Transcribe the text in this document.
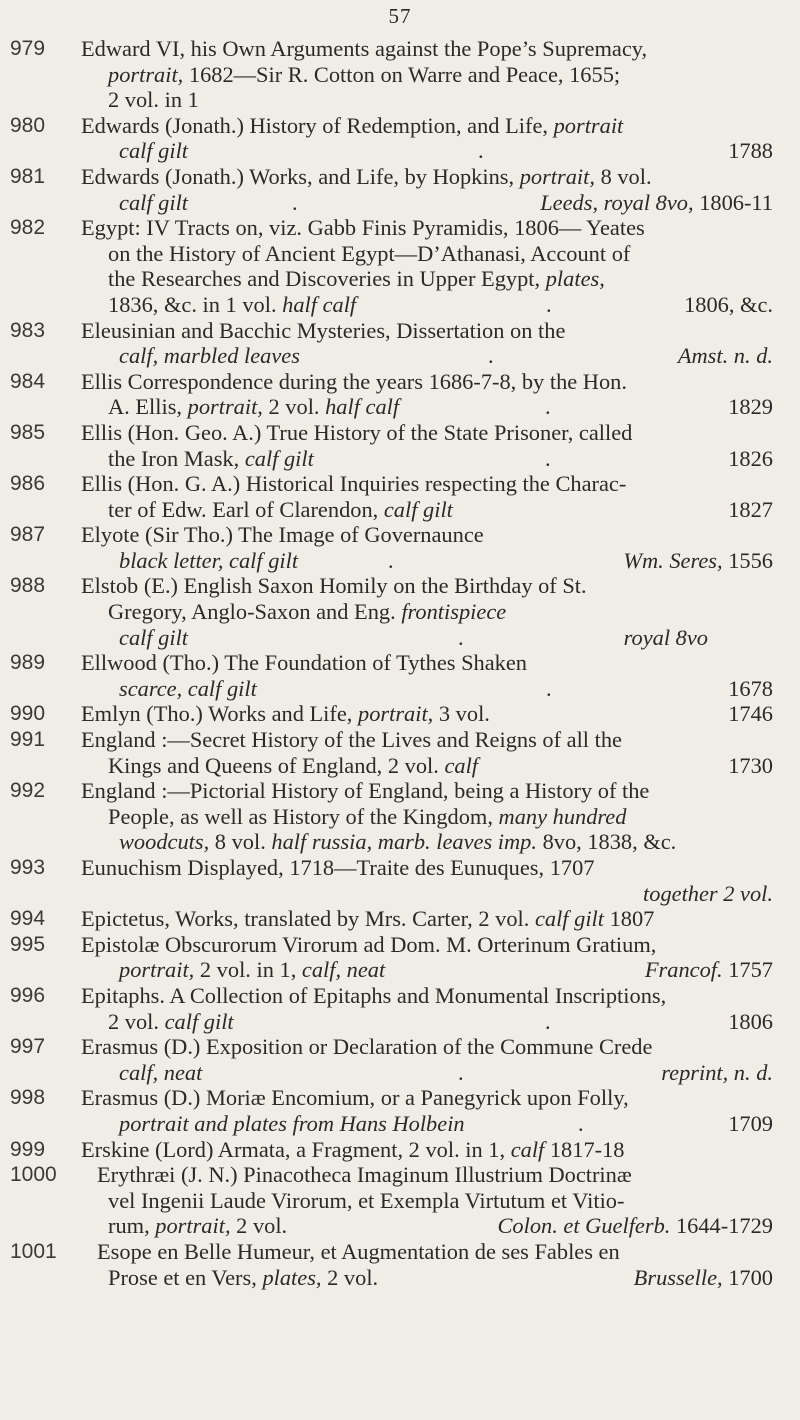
57
979	Edward VI, his Own Arguments against the Pope’s Supremacy,
portrait, 1682—Sir R. Cotton on Warre and Peace, 1655;
2 vol. in 1
980	Edwards (Jonath.) History of Redemption, and Life, portrait
calf gilt	.	1788
981	Edwards (Jonath.) Works, and Life, by Hopkins, portrait, 8 vol.
calf gilt	.	Leeds, royal 8vo, 1806-11
982	Egypt: IV Tracts on, viz. Gabb Finis Pyramidis, 1806— Yeates
on the History of Ancient Egypt—D’Athanasi, Account of
the Researches and Discoveries in Upper Egypt, plates,
1836, &c. in 1 vol. half calf	.	1806, &c.
983	Eleusinian and Bacchic Mysteries, Dissertation on the
calf, marbled leaves	.	Amst. n. d.
984	Ellis Correspondence during the years 1686-7-8, by the Hon.
A. Ellis, portrait, 2 vol. half calf	.	1829
985	Ellis (Hon. Geo. A.) True History of the State Prisoner, called
the Iron Mask, calf gilt	.	1826
986	Ellis (Hon. G. A.) Historical Inquiries respecting the Charac-
ter of Edw. Earl of Clarendon, calf gilt	1827
987	Elyote (Sir Tho.) The Image of Governaunce
black letter, calf gilt	.	Wm. Seres, 1556
988	Elstob (E.) English Saxon Homily on the Birthday of St.
Gregory, Anglo-Saxon and Eng. frontispiece
calf gilt	.	royal 8vo
989	Ellwood (Tho.) The Foundation of Tythes Shaken
scarce, calf gilt	.	1678
990	Emlyn (Tho.) Works and Life, portrait, 3 vol.	1746
991	England :—Secret History of the Lives and Reigns of all the
Kings and Queens of England, 2 vol. calf	1730
992	England :—Pictorial History of England, being a History of the
People, as well as History of the Kingdom, many hundred
woodcuts, 8 vol. half russia, marb. leaves imp. 8vo, 1838, &c.
993	Eunuchism Displayed, 1718—Traite des Eunuques, 1707
together 2 vol.
994	Epictetus, Works, translated by Mrs. Carter, 2 vol. calf gilt 1807
995	Epistolæ Obscurorum Virorum ad Dom. M. Orterinum Gratium,
portrait, 2 vol. in 1, calf, neat	Francof. 1757
996	Epitaphs. A Collection of Epitaphs and Monumental Inscriptions,
2 vol. calf gilt	.	1806
997	Erasmus (D.) Exposition or Declaration of the Commune Crede
calf, neat	.	reprint, n. d.
998	Erasmus (D.) Moriæ Encomium, or a Panegyrick upon Folly,
portrait and plates from Hans Holbein	.	1709
999	Erskine (Lord) Armata, a Fragment, 2 vol. in 1, calf 1817-18
1000	Erythræi (J. N.) Pinacotheca Imaginum Illustrium Doctrinæ
vel Ingenii Laude Virorum, et Exempla Virtutum et Vitio-
rum, portrait, 2 vol.	Colon. et Guelferb. 1644-1729
1001	Esope en Belle Humeur, et Augmentation de ses Fables en
Prose et en Vers, plates, 2 vol.	Brusselle, 1700
